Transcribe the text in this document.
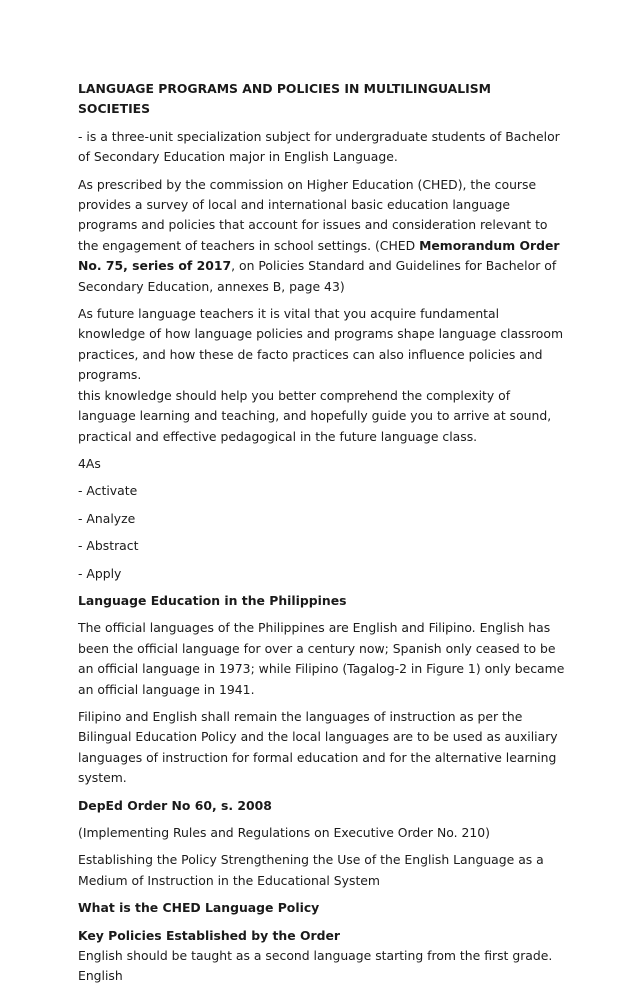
LANGUAGE PROGRAMS AND POLICIES IN MULTILINGUALISM SOCIETIES

- is a three-unit specialization subject for undergraduate students of Bachelor of Secondary Education major in English Language.

As prescribed by the commission on Higher Education (CHED), the course provides a survey of local and international basic education language programs and policies that account for issues and consideration relevant to the engagement of teachers in school settings. (CHED Memorandum Order No. 75, series of 2017, on Policies Standard and Guidelines for Bachelor of Secondary Education, annexes B, page 43)

As future language teachers it is vital that you acquire fundamental knowledge of how language policies and programs shape language classroom practices, and how these de facto practices can also influence policies and programs.
this knowledge should help you better comprehend the complexity of language learning and teaching, and hopefully guide you to arrive at sound, practical and effective pedagogical in the future language class.

4As

- Activate

- Analyze

- Abstract

- Apply

Language Education in the Philippines

The official languages of the Philippines are English and Filipino. English has been the official language for over a century now; Spanish only ceased to be an official language in 1973; while Filipino (Tagalog-2 in Figure 1) only became an official language in 1941.

Filipino and English shall remain the languages of instruction as per the Bilingual Education Policy and the local languages are to be used as auxiliary languages of instruction for formal education and for the alternative learning system.

DepEd Order No 60, s. 2008

(Implementing Rules and Regulations on Executive Order No. 210)

Establishing the Policy Strengthening the Use of the English Language as a Medium of Instruction in the Educational System

What is the CHED Language Policy

Key Policies Established by the Order

English should be taught as a second language starting from the first grade. English
